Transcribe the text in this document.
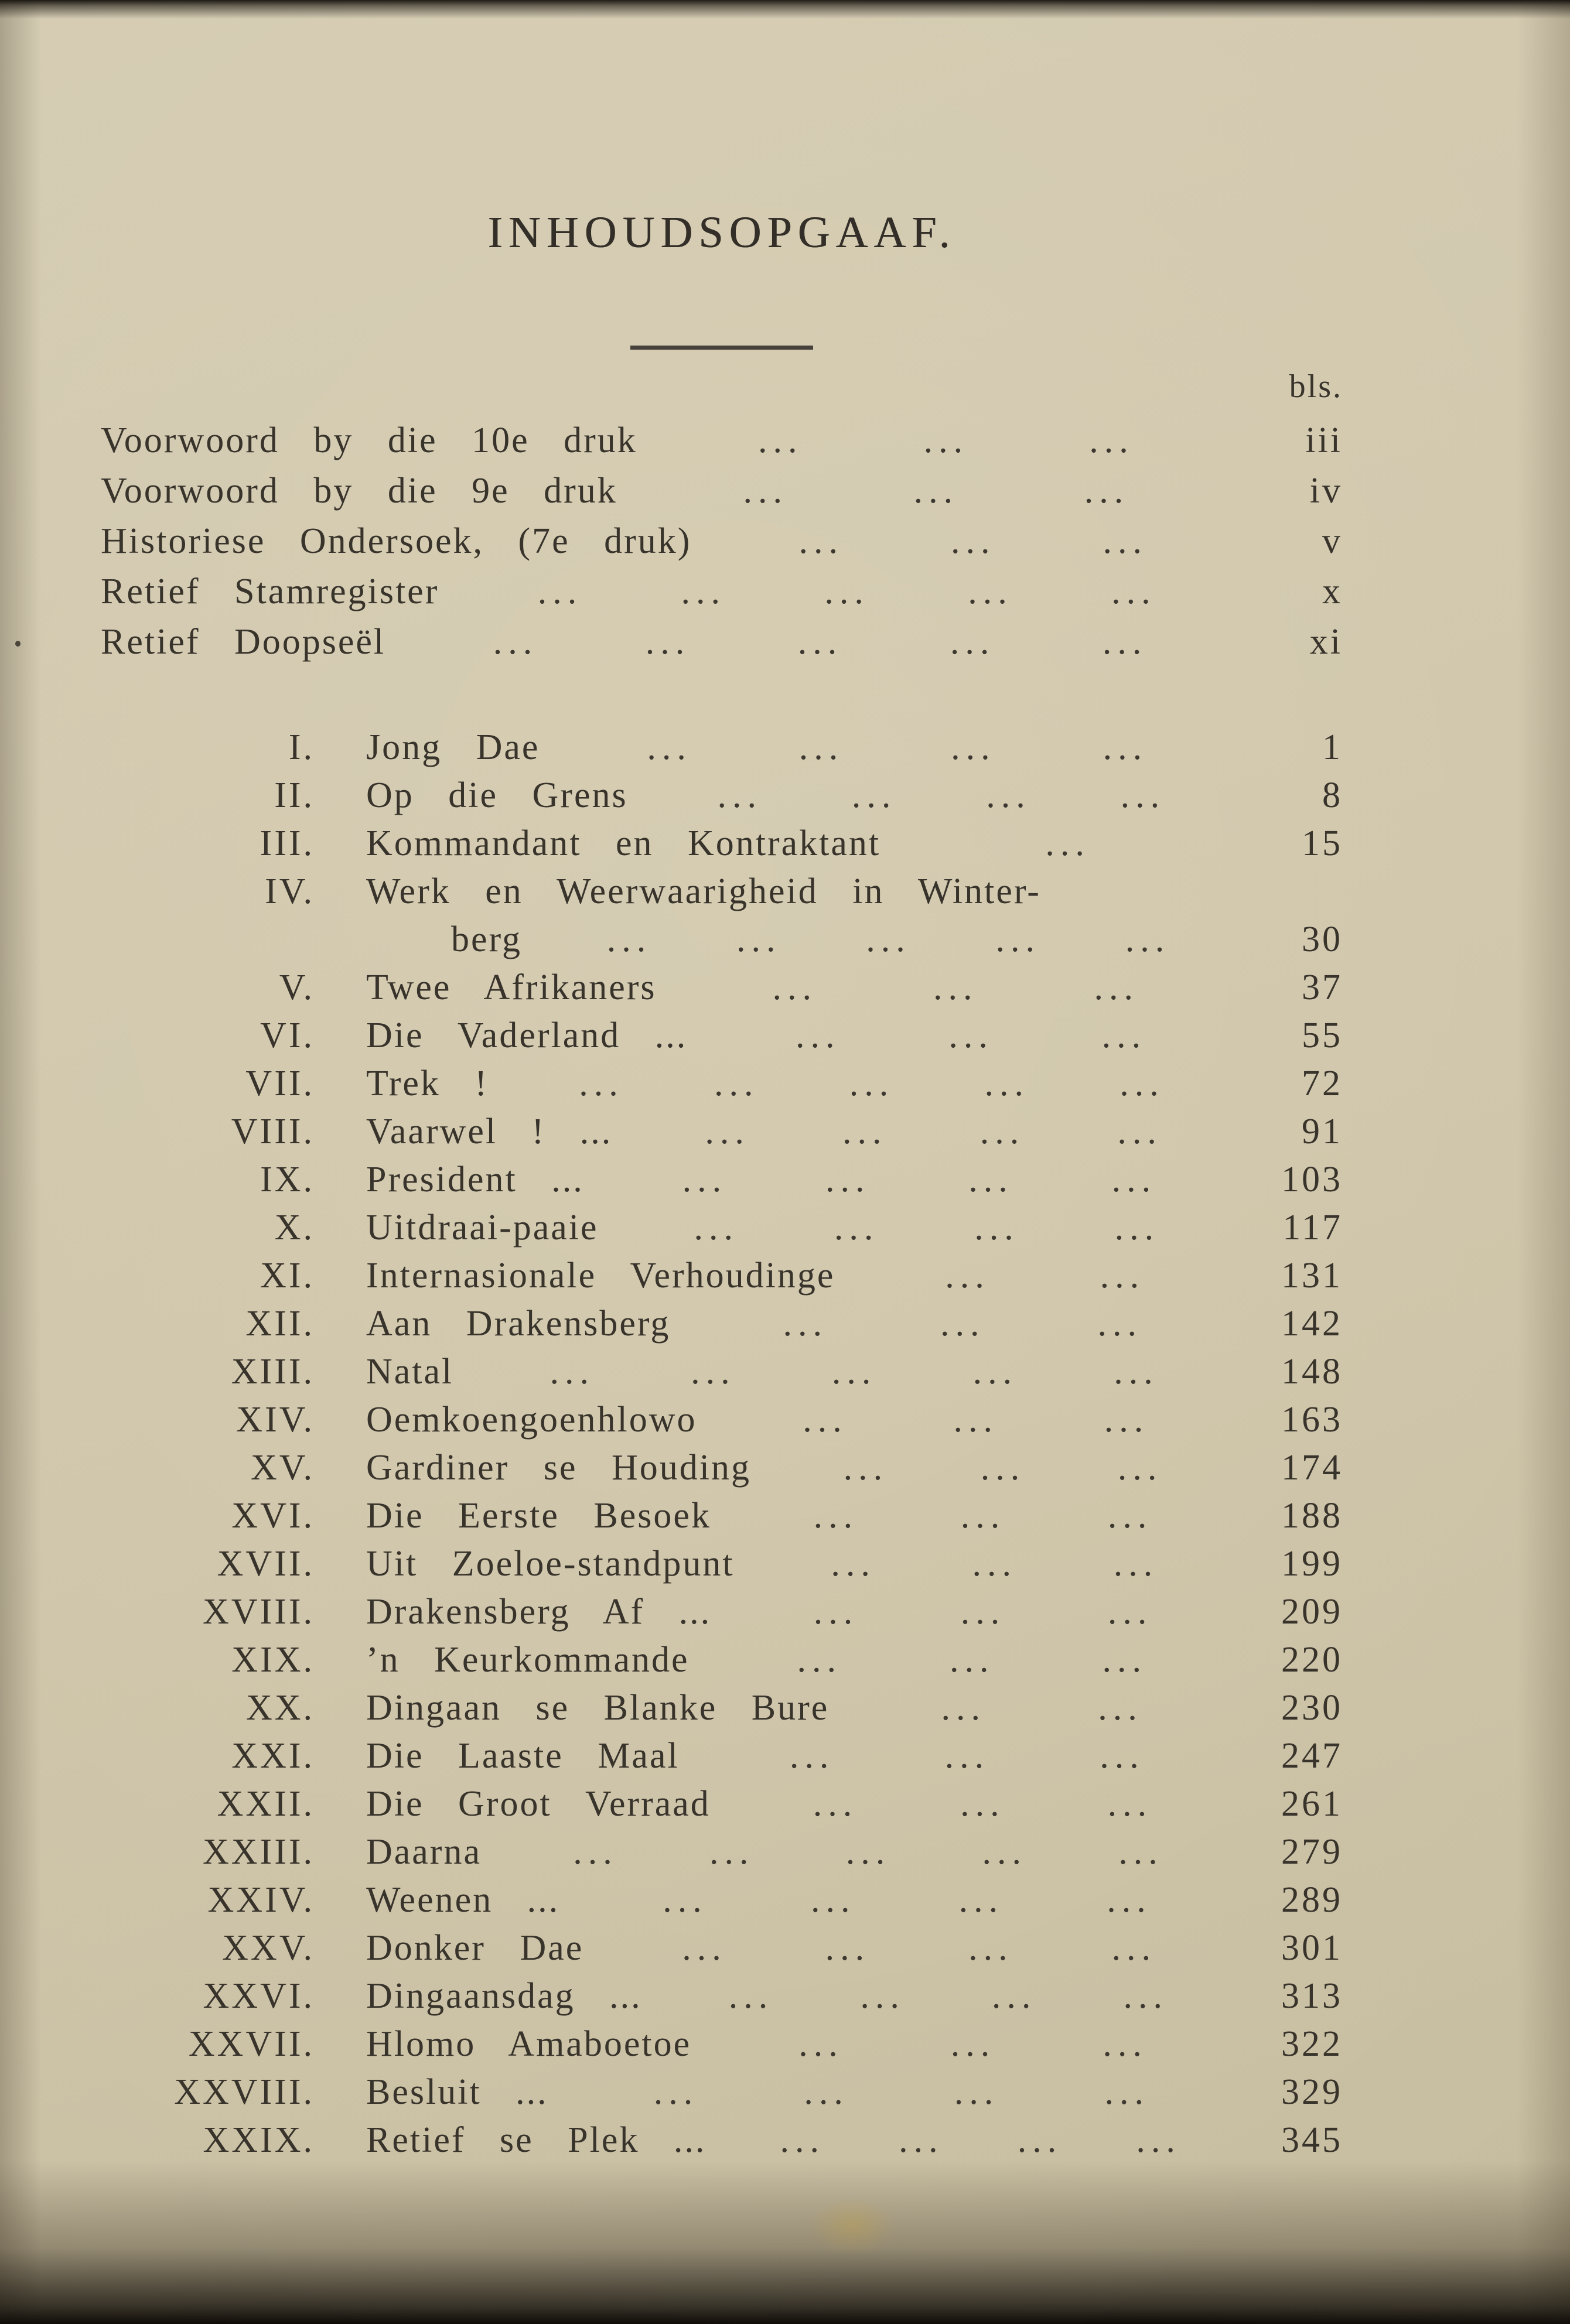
INHOUDSOPGAAF.
bls.
Voorwoord by die 10e druk	...	...	...	iii
Voorwoord by die 9e druk	...	...	...	iv
Historiese Ondersoek, (7e druk)	...	...	...	v
Retief Stamregister	...	...	...	...	...	x
Retief Doopseël	...	...	...	...	...	xi
I.	Jong Dae	...	...	...	...	1
II.	Op die Grens ... ... ... ...	8
III.	Kommandant en Kontraktant	...	15
IV.	Werk en Weerwaarigheid in Winter-
berg ... ... ... ... ...	30
V.	Twee Afrikaners	...	...	...	37
VI.	Die Vaderland ...	...	...	...	55
VII.	Trek ! ... ... ... ... ...	72
VIII.	Vaarwel ! ...	...	...	...	...	91
IX.	President ...	...	...	...	...	103
X.	Uitdraai-paaie	...	...	...	...	117
XI.	Internasionale Verhoudinge	...	...	131
XII.	Aan Drakensberg	...	...	...	142
XIII.	Natal	...	...	...	...	...	148
XIV.	Oemkoengoenhlowo	...	...	...	163
XV.	Gardiner se Houding	...	...	...	174
XVI.	Die Eerste Besoek	...	...	...	188
XVII.	Uit Zoeloe-standpunt	...	...	...	199
XVIII.	Drakensberg Af ...	...	...	...	209
XIX.	’n Keurkommande	...	...	...	220
XX.	Dingaan se Blanke Bure	...	...	230
XXI.	Die Laaste Maal	...	...	...	247
XXII.	Die Groot Verraad	...	...	...	261
XXIII.	Daarna	...	...	...	...	...	279
XXIV.	Weenen ...	...	...	...	...	289
XXV.	Donker Dae	...	...	...	...	301
XXVI.	Dingaansdag ... ... ... ... ...	313
XXVII.	Hlomo Amaboetoe	...	...	...	322
XXVIII.	Besluit ...	...	...	...	...	329
XXIX.	Retief se Plek ... ... ... ... ...	345
